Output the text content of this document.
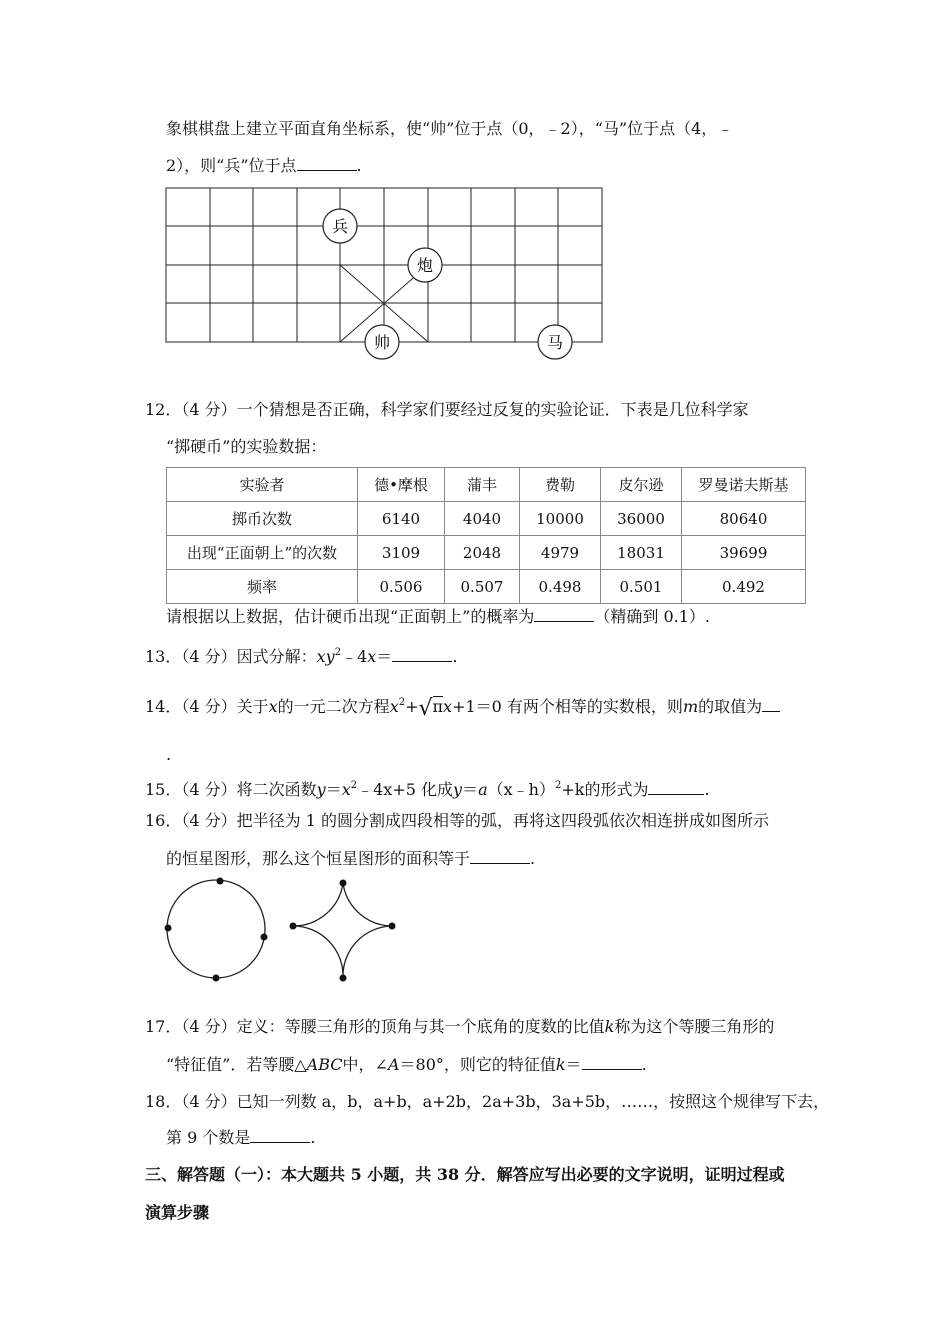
象棋棋盘上建立平面直角坐标系，使“帅”位于点（0，﹣2），“马”位于点（4，﹣
2），则“兵”位于点	.
兵
炮
帅	马
12．（4 分）一个猜想是否正确，科学家们要经过反复的实验论证．下表是几位科学家
“掷硬币”的实验数据：
实验者	德•摩根	蒲丰	费勒	皮尔逊	罗曼诺夫斯基
掷币次数	6140	4040	10000	36000	80640
出现“正面朝上”的次数	3109	2048	4979	18031	39699
频率	0.506	0.507	0.498	0.501	0.492
请根据以上数据，估计硬币出现“正面朝上”的概率为	（精确到 0.1）.
13．（4 分）因式分解：$xy^2﹣4x=$	.
14．（4 分）关于x的一元二次方程$x^2+√\pi x+1=0$ 有两个相等的实数根，则m的取值为
.
15．（4 分）将二次函数$y=x^2﹣4x+5$ 化成y＝a（x﹣h）$^2$+k的形式为	.
16．（4 分）把半径为 1 的圆分割成四段相等的弧，再将这四段弧依次相连拼成如图所示
的恒星图形，那么这个恒星图形的面积等于	.
17．（4 分）定义：等腰三角形的顶角与其一个底角的度数的比值k称为这个等腰三角形的
“特征值”．若等腰△ABC中，∠A＝80°，则它的特征值k＝	.
18．（4 分）已知一列数 a，b，a+b，a+2b，2a+3b，3a+5b，……，按照这个规律写下去，
第 9 个数是	.
三、解答题（一）：本大题共 5 小题，共 38 分．解答应写出必要的文字说明，证明过程或
演算步骤
